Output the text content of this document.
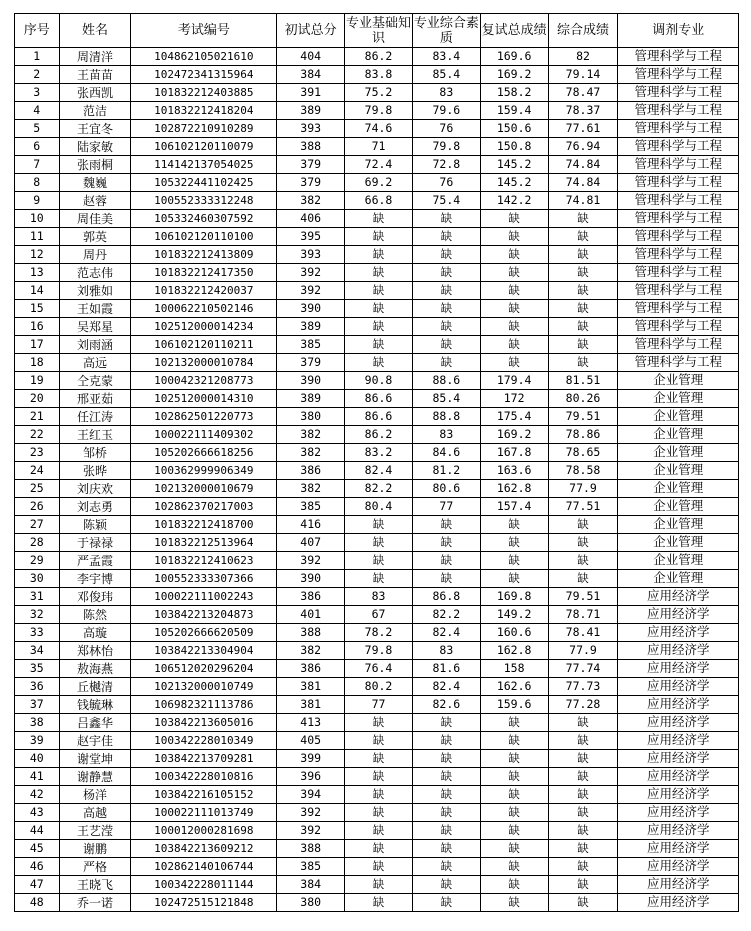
序号	姓名	考试编号	初试总分	专业基础知识	专业综合素质	复试总成绩	综合成绩	调剂专业
1	周清洋	104862105021610	404	86.2	83.4	169.6	82	管理科学与工程
2	王苗苗	102472341315964	384	83.8	85.4	169.2	79.14	管理科学与工程
3	张西凯	101832212403885	391	75.2	83	158.2	78.47	管理科学与工程
4	范洁	101832212418204	389	79.8	79.6	159.4	78.37	管理科学与工程
5	王宜冬	102872210910289	393	74.6	76	150.6	77.61	管理科学与工程
6	陆家敏	106102120110079	388	71	79.8	150.8	76.94	管理科学与工程
7	张雨桐	114142137054025	379	72.4	72.8	145.2	74.84	管理科学与工程
8	魏巍	105322441102425	379	69.2	76	145.2	74.84	管理科学与工程
9	赵蓉	100552333312248	382	66.8	75.4	142.2	74.81	管理科学与工程
10	周佳美	105332460307592	406	缺	缺	缺	缺	管理科学与工程
11	郭英	106102120110100	395	缺	缺	缺	缺	管理科学与工程
12	周丹	101832212413809	393	缺	缺	缺	缺	管理科学与工程
13	范志伟	101832212417350	392	缺	缺	缺	缺	管理科学与工程
14	刘雅如	101832212420037	392	缺	缺	缺	缺	管理科学与工程
15	王如霞	100062210502146	390	缺	缺	缺	缺	管理科学与工程
16	吴郑星	102512000014234	389	缺	缺	缺	缺	管理科学与工程
17	刘雨涵	106102120110211	385	缺	缺	缺	缺	管理科学与工程
18	高远	102132000010784	379	缺	缺	缺	缺	管理科学与工程
19	仝克蒙	100042321208773	390	90.8	88.6	179.4	81.51	企业管理
20	邢亚茹	102512000014310	389	86.6	85.4	172	80.26	企业管理
21	任江涛	102862501220773	380	86.6	88.8	175.4	79.51	企业管理
22	王红玉	100022111409302	382	86.2	83	169.2	78.86	企业管理
23	邹桥	105202666618256	382	83.2	84.6	167.8	78.65	企业管理
24	张晔	100362999906349	386	82.4	81.2	163.6	78.58	企业管理
25	刘庆欢	102132000010679	382	82.2	80.6	162.8	77.9	企业管理
26	刘志勇	102862370217003	385	80.4	77	157.4	77.51	企业管理
27	陈颖	101832212418700	416	缺	缺	缺	缺	企业管理
28	于禄禄	101832212513964	407	缺	缺	缺	缺	企业管理
29	严孟霞	101832212410623	392	缺	缺	缺	缺	企业管理
30	李宇博	100552333307366	390	缺	缺	缺	缺	企业管理
31	邓俊玮	100022111002243	386	83	86.8	169.8	79.51	应用经济学
32	陈然	103842213204873	401	67	82.2	149.2	78.71	应用经济学
33	高璇	105202666620509	388	78.2	82.4	160.6	78.41	应用经济学
34	郑林怡	103842213304904	382	79.8	83	162.8	77.9	应用经济学
35	敖海燕	106512020296204	386	76.4	81.6	158	77.74	应用经济学
36	丘樾清	102132000010749	381	80.2	82.4	162.6	77.73	应用经济学
37	钱毓琳	106982321113786	381	77	82.6	159.6	77.28	应用经济学
38	吕鑫华	103842213605016	413	缺	缺	缺	缺	应用经济学
39	赵宇佳	100342228010349	405	缺	缺	缺	缺	应用经济学
40	谢堂坤	103842213709281	399	缺	缺	缺	缺	应用经济学
41	谢静慧	100342228010816	396	缺	缺	缺	缺	应用经济学
42	杨洋	103842216105152	394	缺	缺	缺	缺	应用经济学
43	高越	100022111013749	392	缺	缺	缺	缺	应用经济学
44	王艺滢	100012000281698	392	缺	缺	缺	缺	应用经济学
45	谢鹏	103842213609212	388	缺	缺	缺	缺	应用经济学
46	严格	102862140106744	385	缺	缺	缺	缺	应用经济学
47	王晓飞	100342228011144	384	缺	缺	缺	缺	应用经济学
48	乔一诺	102472515121848	380	缺	缺	缺	缺	应用经济学
